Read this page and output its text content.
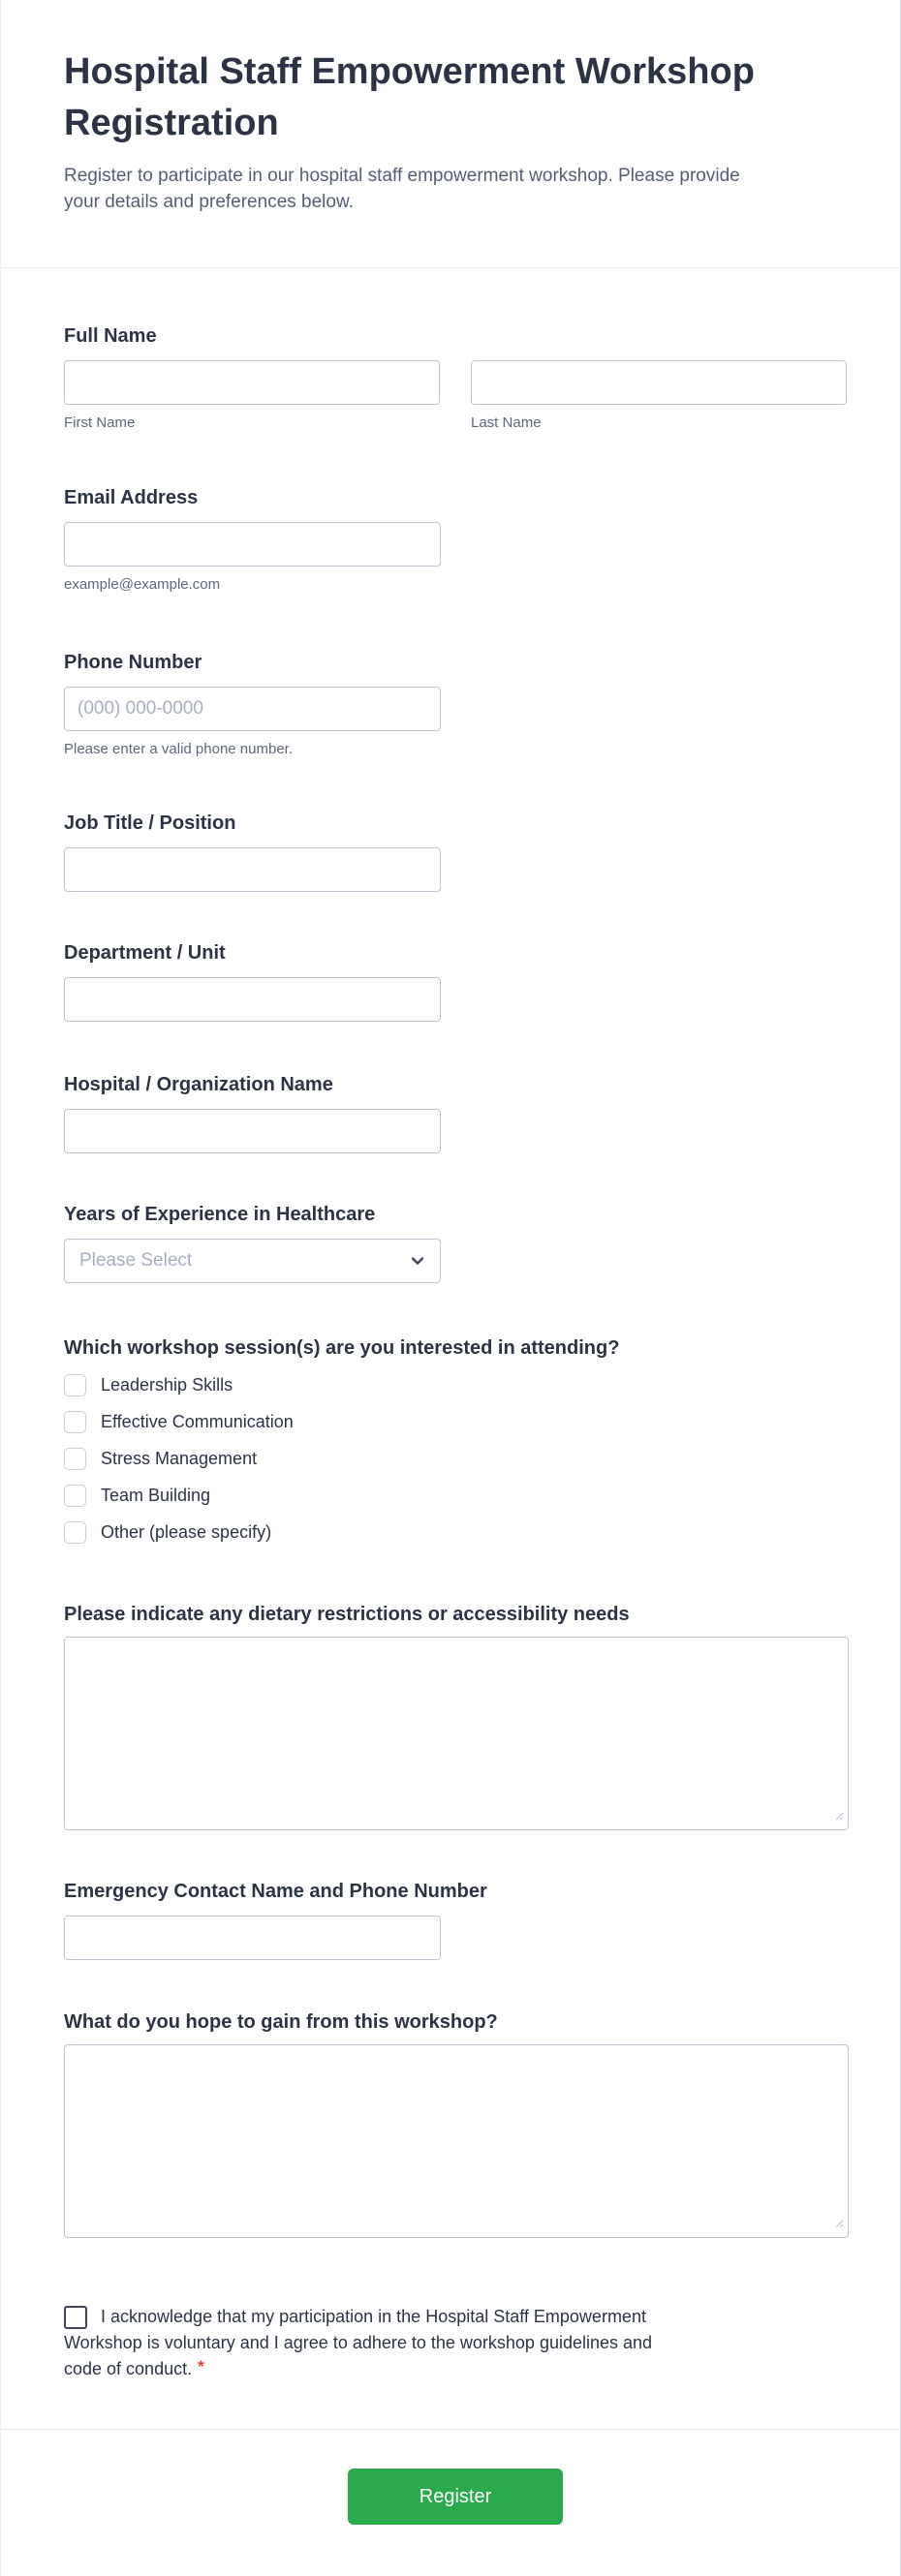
Hospital Staff Empowerment Workshop
Registration

Register to participate in our hospital staff empowerment workshop. Please provide
your details and preferences below.

Full Name
First Name	Last Name
Email Address
example@example.com
Phone Number
(000) 000-0000
Please enter a valid phone number.
Job Title / Position
Department / Unit
Hospital / Organization Name
Years of Experience in Healthcare
Please Select
Which workshop session(s) are you interested in attending?
Leadership Skills
Effective Communication
Stress Management
Team Building
Other (please specify)
Please indicate any dietary restrictions or accessibility needs
Emergency Contact Name and Phone Number
What do you hope to gain from this workshop?

I acknowledge that my participation in the Hospital Staff Empowerment
Workshop is voluntary and I agree to adhere to the workshop guidelines and
code of conduct. *

Register
